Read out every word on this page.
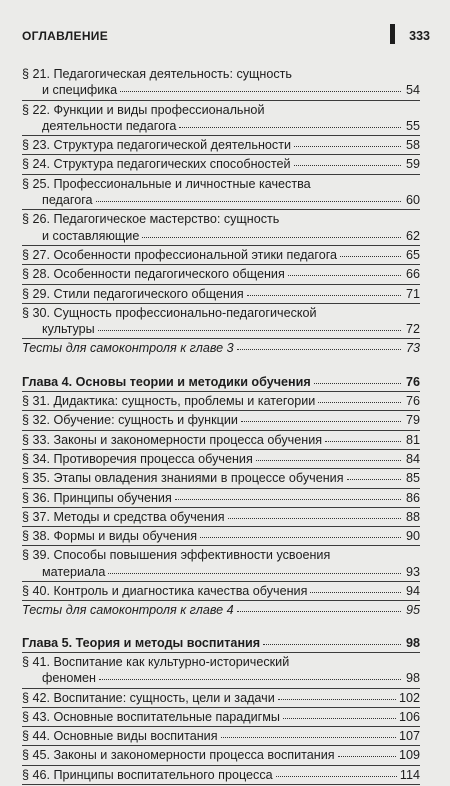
ОГЛАВЛЕНИЕ	333
§ 21. Педагогическая деятельность: сущность
и специфика	54
§ 22. Функции и виды профессиональной
деятельности педагога	55
§ 23. Структура педагогической деятельности	58
§ 24. Структура педагогических способностей	59
§ 25. Профессиональные и личностные качества
педагога	60
§ 26. Педагогическое мастерство: сущность
и составляющие	62
§ 27. Особенности профессиональной этики педагога	65
§ 28. Особенности педагогического общения	66
§ 29. Стили педагогического общения	71
§ 30. Сущность профессионально-педагогической
культуры	72
Тесты для самоконтроля к главе 3	73
Глава 4. Основы теории и методики обучения	76
§ 31. Дидактика: сущность, проблемы и категории	76
§ 32. Обучение: сущность и функции	79
§ 33. Законы и закономерности процесса обучения	81
§ 34. Противоречия процесса обучения	84
§ 35. Этапы овладения знаниями в процессе обучения	85
§ 36. Принципы обучения	86
§ 37. Методы и средства обучения	88
§ 38. Формы и виды обучения	90
§ 39. Способы повышения эффективности усвоения
материала	93
§ 40. Контроль и диагностика качества обучения	94
Тесты для самоконтроля к главе 4	95
Глава 5. Теория и методы воспитания	98
§ 41. Воспитание как культурно-исторический
феномен	98
§ 42. Воспитание: сущность, цели и задачи	102
§ 43. Основные воспитательные парадигмы	106
§ 44. Основные виды воспитания	107
§ 45. Законы и закономерности процесса воспитания	109
§ 46. Принципы воспитательного процесса	114
